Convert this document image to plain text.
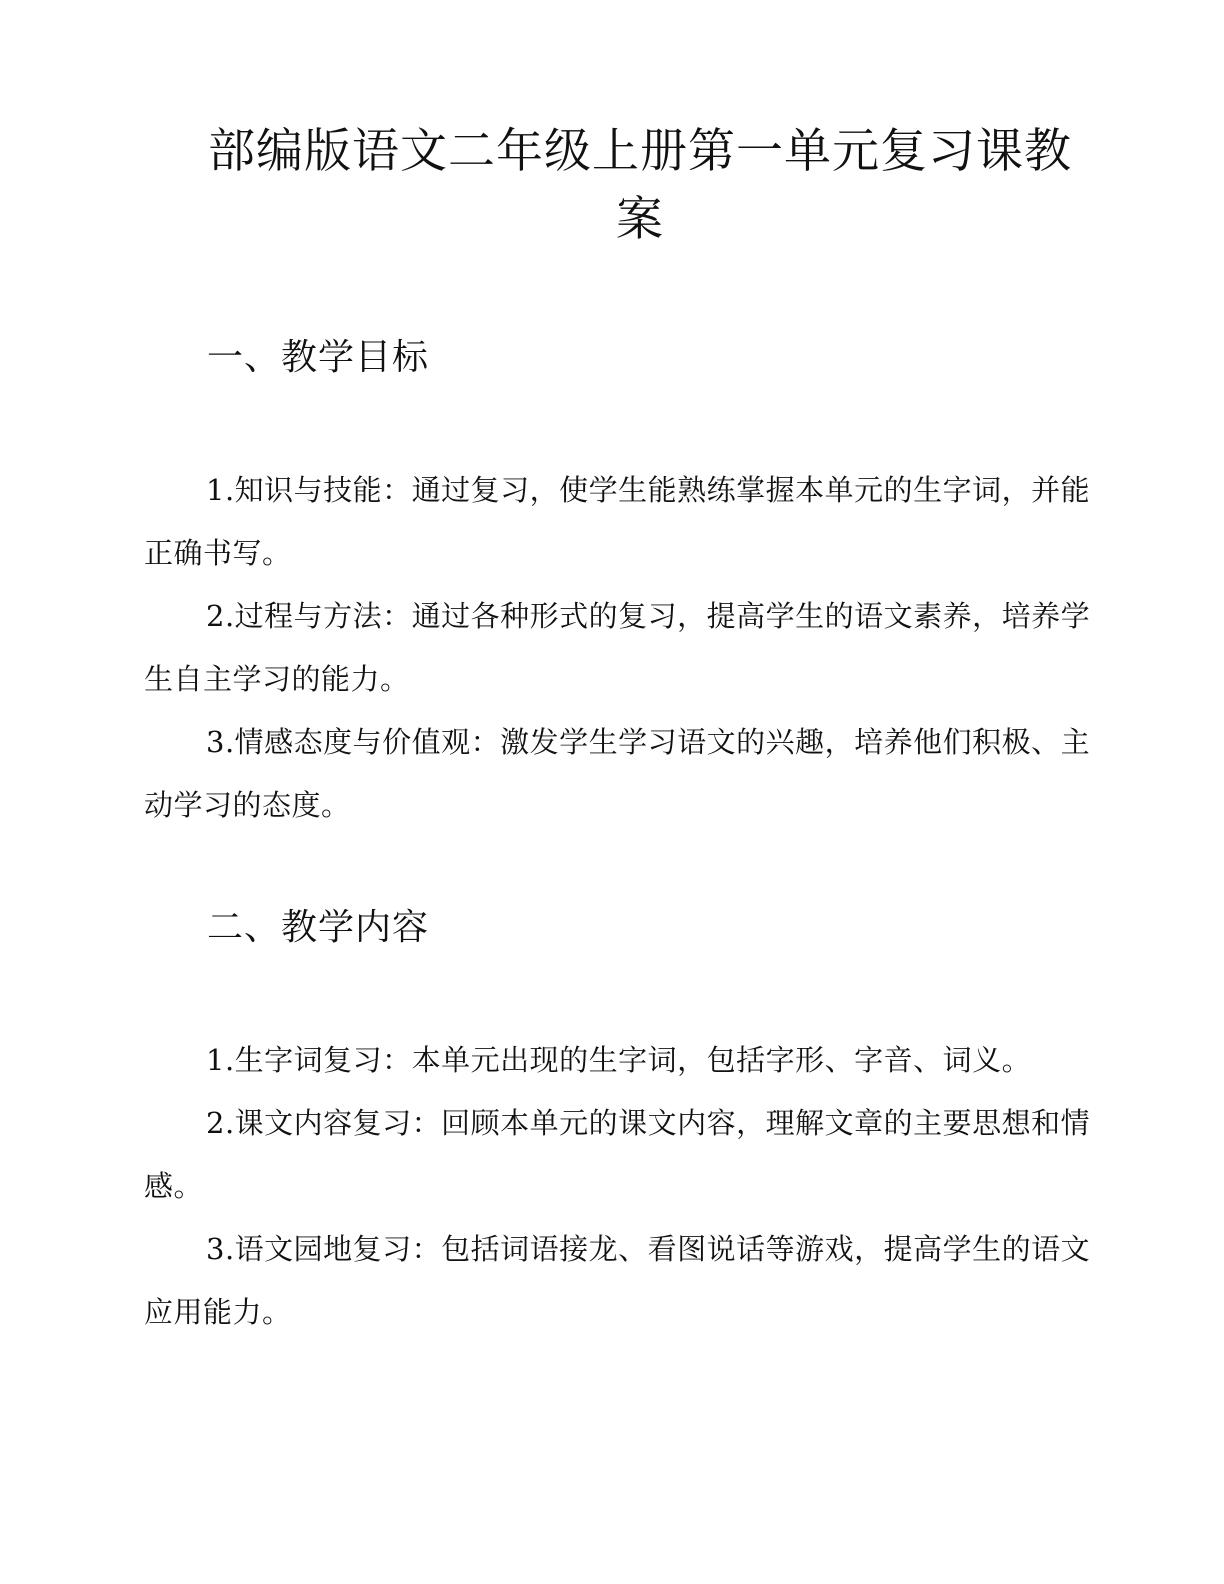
部编版语文二年级上册第一单元复习课教案
一、教学目标
1.知识与技能：通过复习，使学生能熟练掌握本单元的生字词，并能正确书写。
2.过程与方法：通过各种形式的复习，提高学生的语文素养，培养学生自主学习的能力。
3.情感态度与价值观：激发学生学习语文的兴趣，培养他们积极、主动学习的态度。
二、教学内容
1.生字词复习：本单元出现的生字词，包括字形、字音、词义。
2.课文内容复习：回顾本单元的课文内容，理解文章的主要思想和情感。
3.语文园地复习：包括词语接龙、看图说话等游戏，提高学生的语文应用能力。
